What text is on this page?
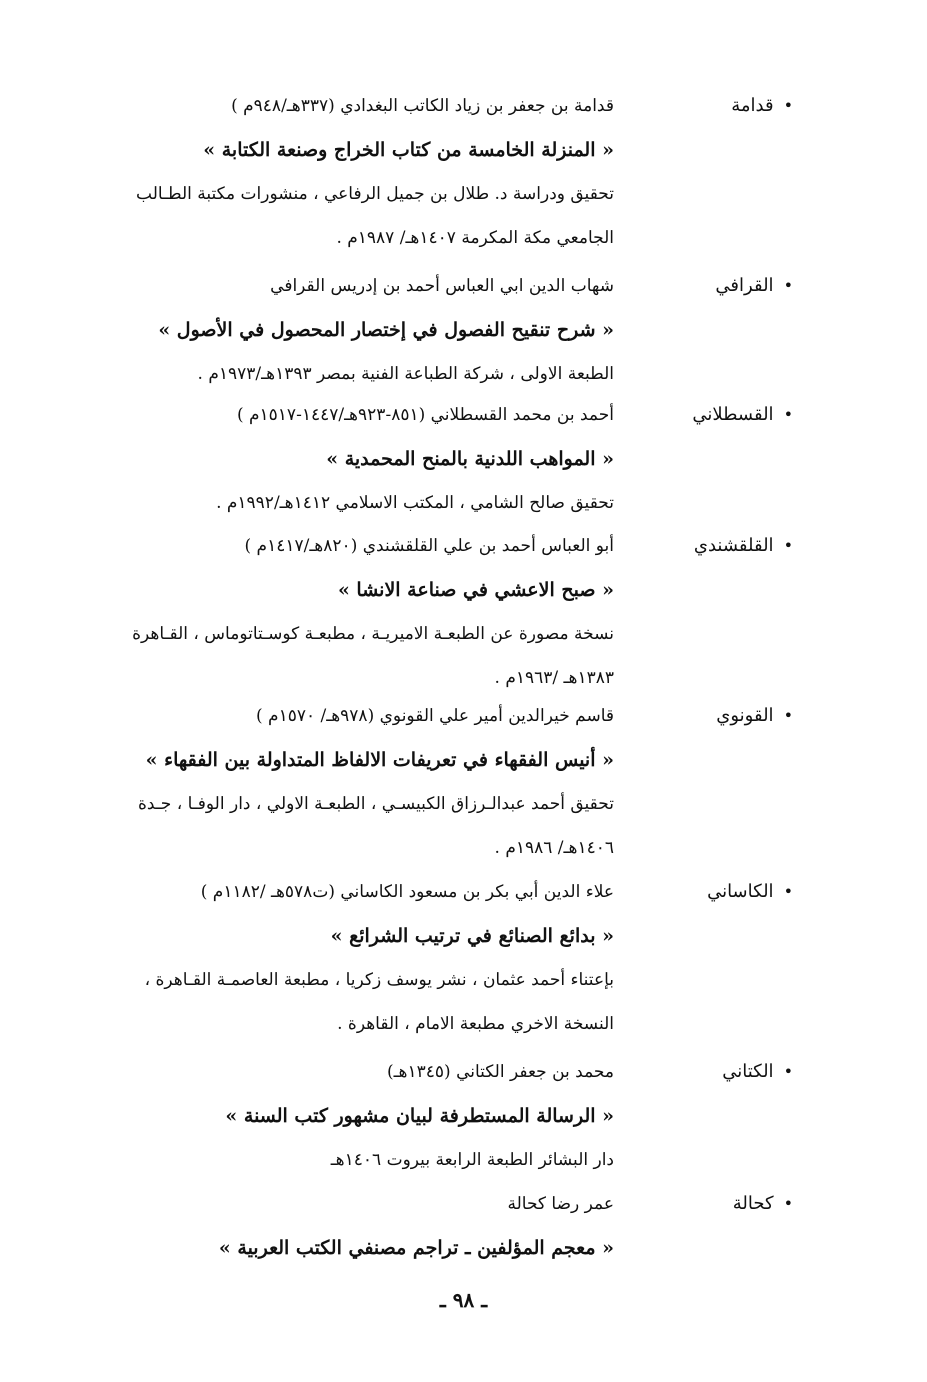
•قدامة
قدامة بن جعفر بن زياد الكاتب البغدادي (٣٣٧هـ/٩٤٨م )
« المنزلة الخامسة من كتاب الخراج وصنعة الكتابة »
تحقيق ودراسة د. طلال بن جميل الرفاعي ، منشورات مكتبة الطـالب
الجامعي مكة المكرمة ١٤٠٧هـ/ ١٩٨٧م .
•القرافي
شهاب الدين ابي العباس أحمد بن إدريس القرافي
« شرح تنقيح الفصول في إختصار المحصول في الأصول »
الطبعة الاولى ، شركة الطباعة الفنية بمصر ١٣٩٣هـ/١٩٧٣م .
•القسطلاني
أحمد بن محمد القسطلاني (٨٥١-٩٢٣هـ/١٤٤٧-١٥١٧م )
« المواهب اللدنية بالمنح المحمدية »
تحقيق صالح الشامي ، المكتب الاسلامي ١٤١٢هـ/١٩٩٢م .
•القلقشندي
أبو العباس أحمد بن علي القلقشندي (٨٢٠هـ/١٤١٧م )
« صبح الاعشي في صناعة الانشا »
نسخة مصورة عن الطبعـة الاميريـة ، مطبعـة كوسـتاتوماس ، القـاهرة
١٣٨٣هـ /١٩٦٣م .
•القونوي
قاسم خيرالدين أمير علي القونوي (٩٧٨هـ/ ١٥٧٠م )
« أنيس الفقهاء في تعريفات الالفاظ المتداولة بين الفقهاء »
تحقيق أحمد عبدالـرزاق الكبيسـي ، الطبعـة الاولي ، دار الوفـا ، جـدة
١٤٠٦هـ/ ١٩٨٦م .
•الكاساني
علاء الدين أبي بكر بن مسعود الكاساني (ت٥٧٨هـ /١١٨٢م )
« بدائع الصنائع في ترتيب الشرائع »
بإعتناء أحمد عثمان ، نشر يوسف زكريا ، مطبعة العاصمـة القـاهرة ،
النسخة الاخري مطبعة الامام ، القاهرة .
•الكتاني
محمد بن جعفر الكتاني (١٣٤٥هـ)
« الرسالة المستطرفة لبيان مشهور كتب السنة »
دار البشائر الطبعة الرابعة بيروت ١٤٠٦هـ
•كحالة
عمر رضا كحالة
« معجم المؤلفين ـ تراجم مصنفي الكتب العربية »
ـ ٩٨ ـ
